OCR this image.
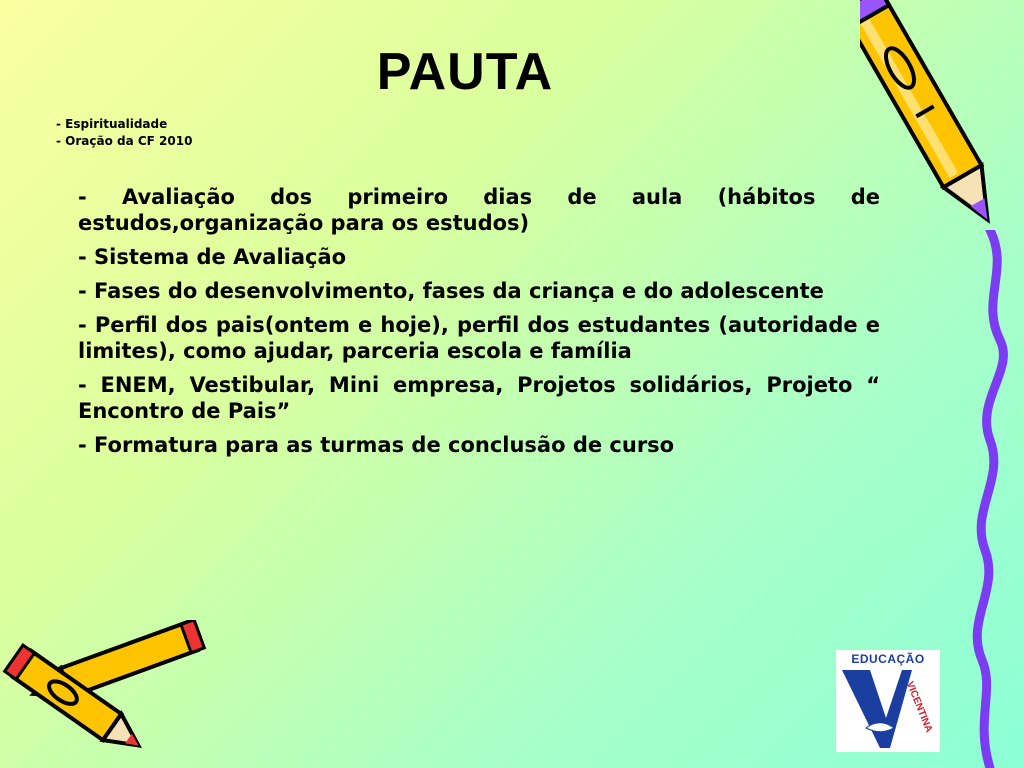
PAUTA
- Espiritualidade
- Oração da CF 2010

- Avaliação dos primeiro dias de aula (hábitos de estudos,organização para os estudos)

- Sistema de Avaliação

- Fases do desenvolvimento, fases da criança e do adolescente

- Perfil dos pais(ontem e hoje), perfil dos estudantes (autoridade e limites), como ajudar, parceria escola e família

- ENEM, Vestibular, Mini empresa, Projetos solidários, Projeto “ Encontro de Pais”

- Formatura para as turmas de conclusão de curso

EDUCAÇÃO
VICENTINA
